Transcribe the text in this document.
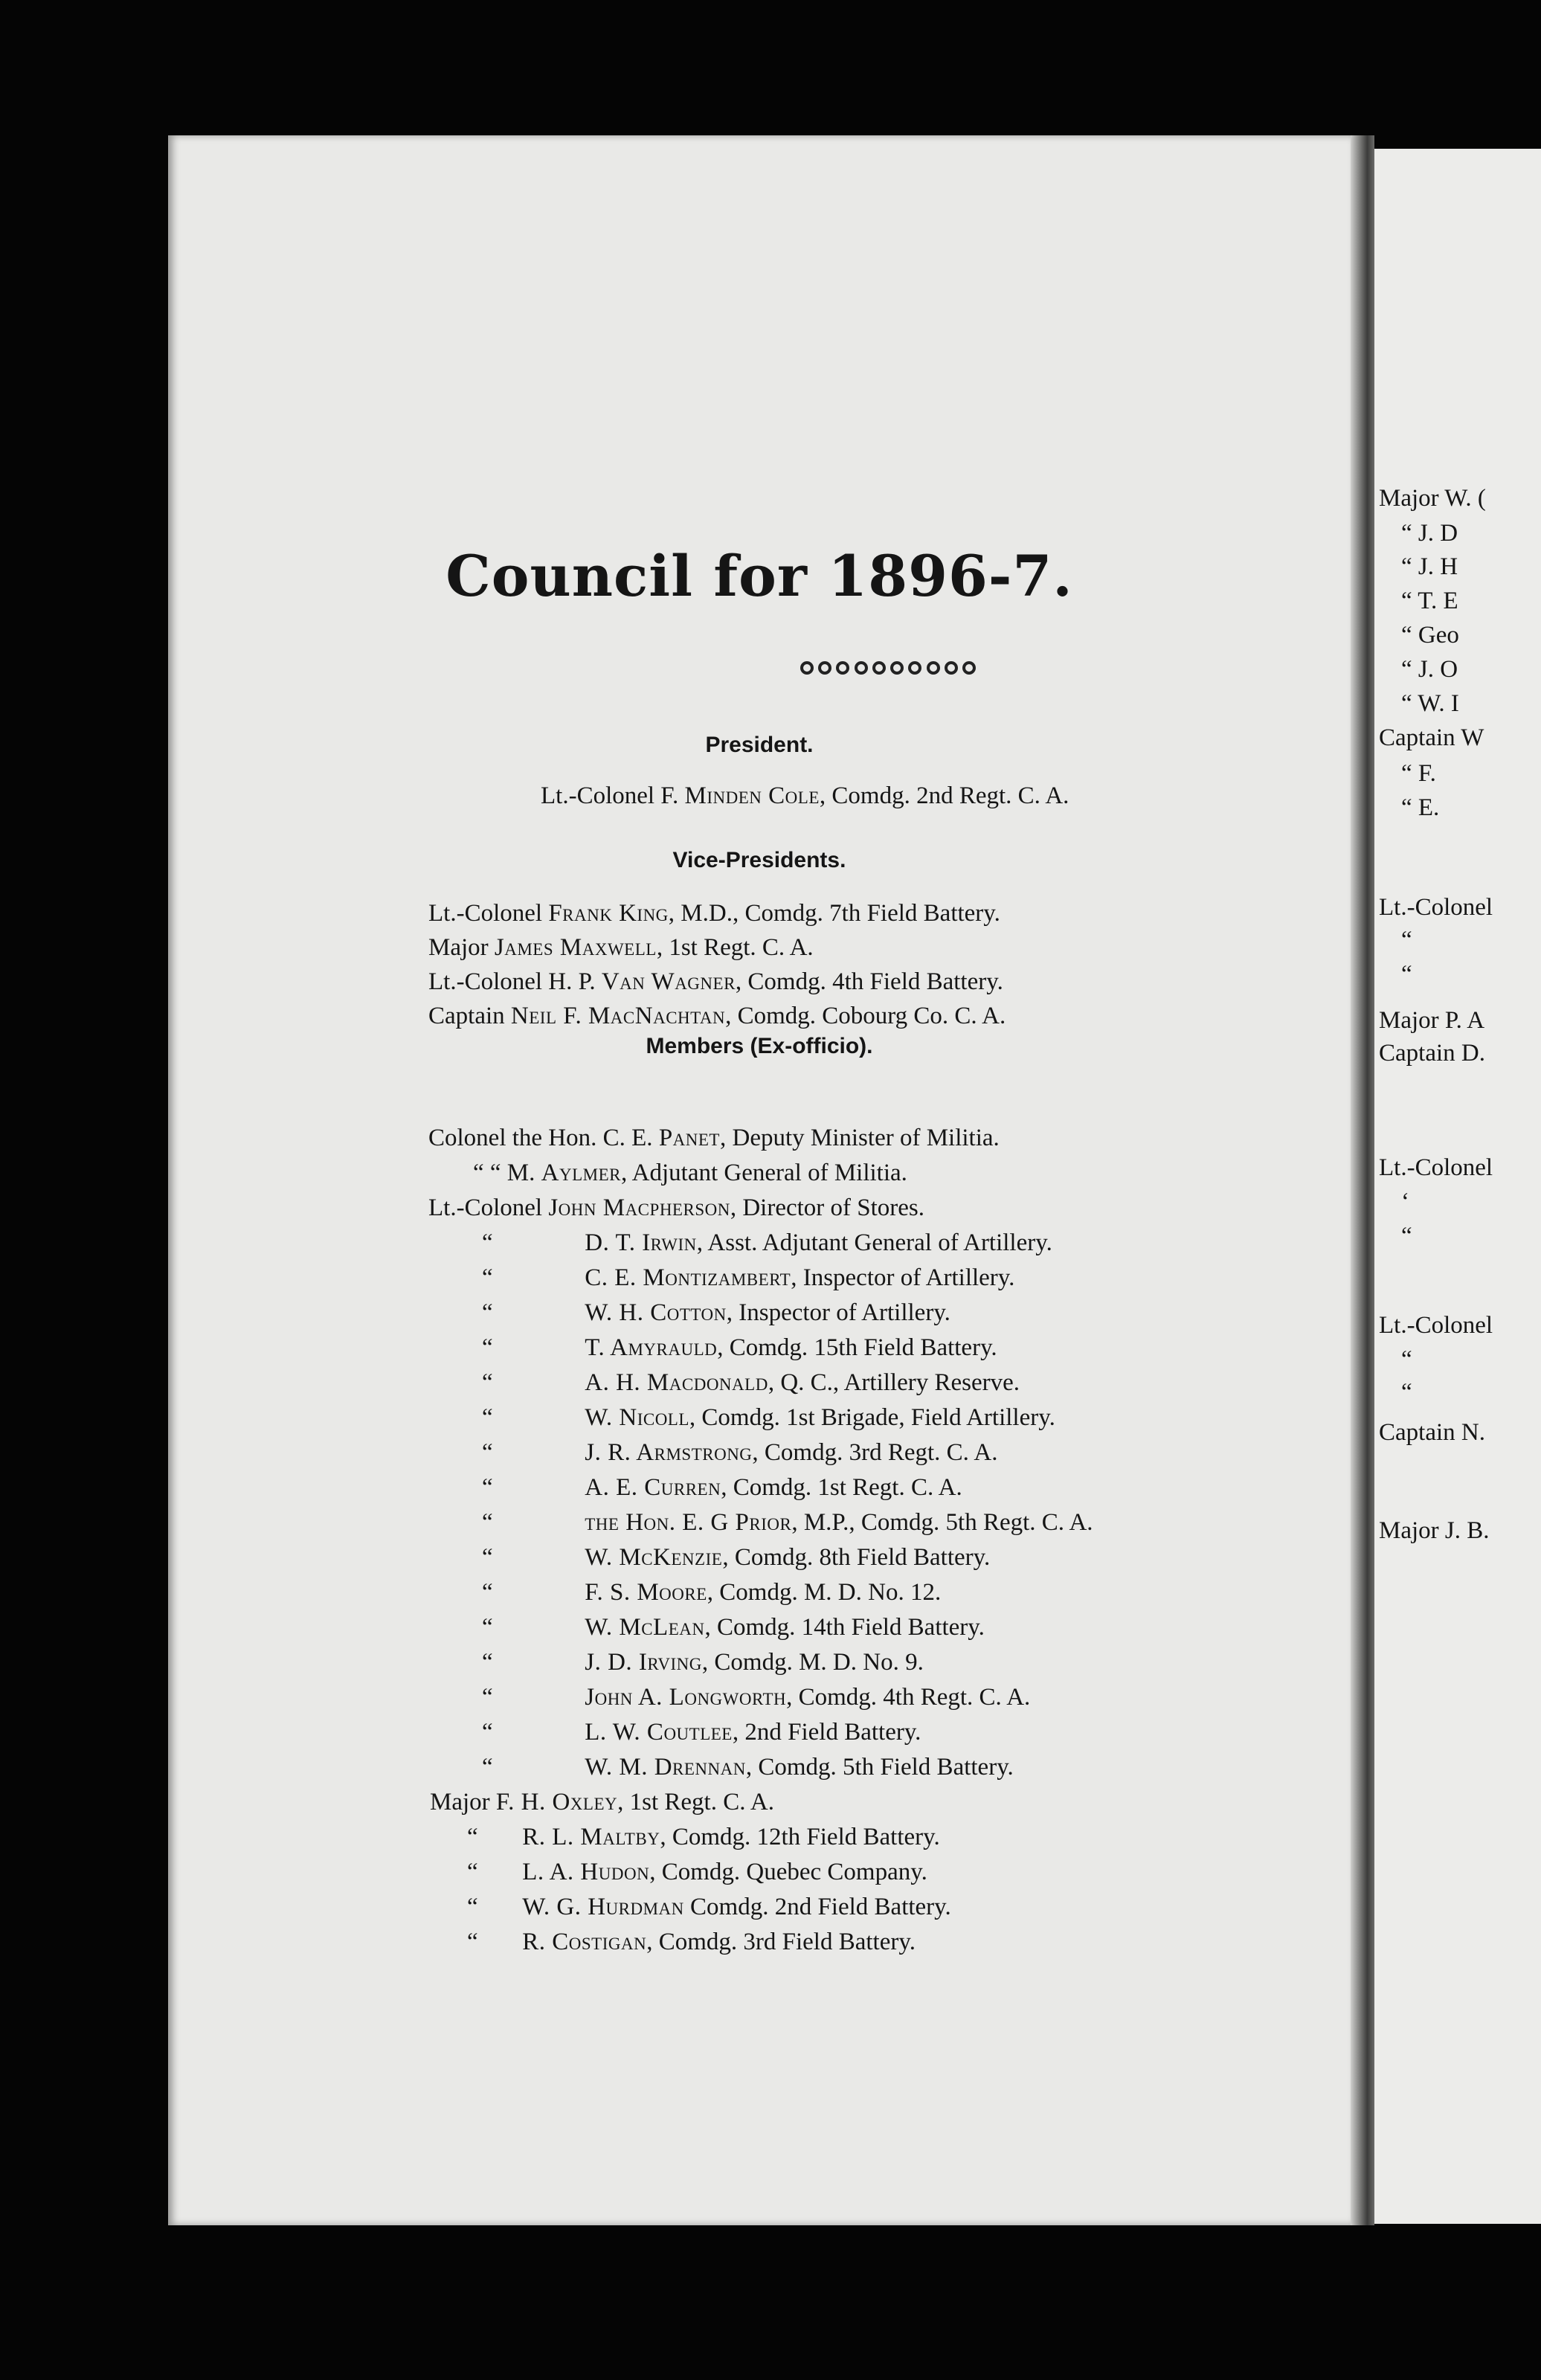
Major W. (
“ J. D
“ J. H
“ T. E
“ Geo
“ J. O
“ W. I
Captain W
“ F.
“ E.
Lt.-Colonel
“
“
Major P. A
Captain D.
Lt.-Colonel
‘
“
Lt.-Colonel
“
“
Captain N.
Major J. B.
Council for 1896-7.
President.
Lt.-Colonel F. Minden Cole, Comdg. 2nd Regt. C. A.
Vice-Presidents.
Lt.-Colonel Frank King, M.D., Comdg. 7th Field Battery.
Major James Maxwell, 1st Regt. C. A.
Lt.-Colonel H. P. Van Wagner, Comdg. 4th Field Battery.
Captain Neil F. MacNachtan, Comdg. Cobourg Co. C. A.
Members (Ex-officio).
Colonel the Hon. C. E. Panet, Deputy Minister of Militia.
“ “ M. Aylmer, Adjutant General of Militia.
Lt.-Colonel John Macpherson, Director of Stores.
“	D. T. Irwin, Asst. Adjutant General of Artillery.
“	C. E. Montizambert, Inspector of Artillery.
“	W. H. Cotton, Inspector of Artillery.
“	T. Amyrauld, Comdg. 15th Field Battery.
“	A. H. Macdonald, Q. C., Artillery Reserve.
“	W. Nicoll, Comdg. 1st Brigade, Field Artillery.
“	J. R. Armstrong, Comdg. 3rd Regt. C. A.
“	A. E. Curren, Comdg. 1st Regt. C. A.
“	the Hon. E. G Prior, M.P., Comdg. 5th Regt. C. A.
“	W. McKenzie, Comdg. 8th Field Battery.
“	F. S. Moore, Comdg. M. D. No. 12.
“	W. McLean, Comdg. 14th Field Battery.
“	J. D. Irving, Comdg. M. D. No. 9.
“	John A. Longworth, Comdg. 4th Regt. C. A.
“	L. W. Coutlee, 2nd Field Battery.
“	W. M. Drennan, Comdg. 5th Field Battery.
Major F. H. Oxley, 1st Regt. C. A.
“ R. L. Maltby, Comdg. 12th Field Battery.
“ L. A. Hudon, Comdg. Quebec Company.
“ W. G. Hurdman Comdg. 2nd Field Battery.
“ R. Costigan, Comdg. 3rd Field Battery.
